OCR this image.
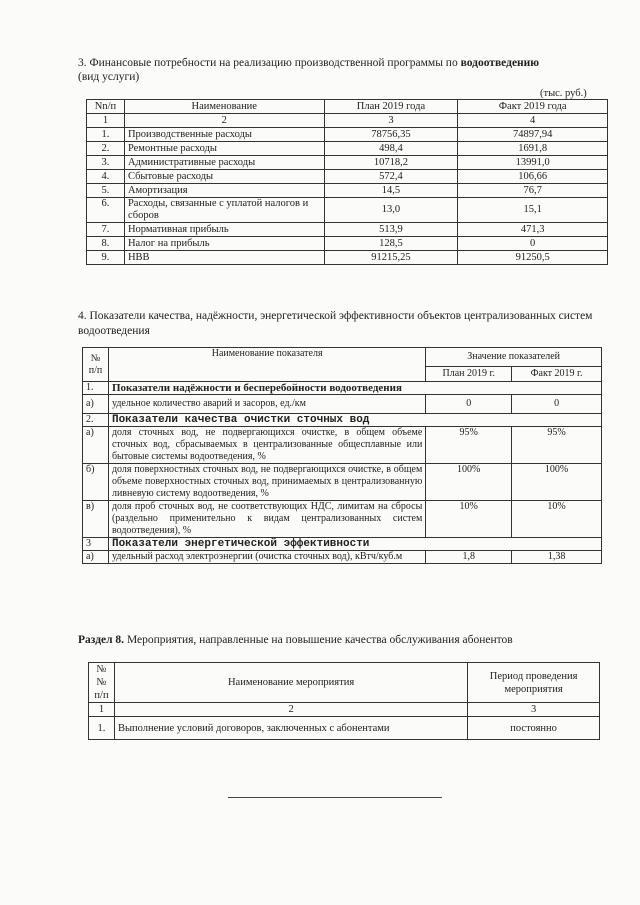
3. Финансовые потребности на реализацию производственной программы по водоотведению
(вид услуги)
(тыс. руб.)
Nn/п	Наименование	План 2019 года	Факт 2019 года
1	2	3	4
1.	Производственные расходы	78756,35	74897,94
2.	Ремонтные расходы	498,4	1691,8
3.	Административные расходы	10718,2	13991,0
4.	Сбытовые расходы	572,4	106,66
5.	Амортизация	14,5	76,7
6.	Расходы, связанные с уплатой налогов и сборов	13,0	15,1
7.	Нормативная прибыль	513,9	471,3
8.	Налог на прибыль	128,5	0
9.	НВВ	91215,25	91250,5
4. Показатели качества, надёжности, энергетической эффективности объектов централизованных систем водоотведения
№ п/п	Наименование показателя	Значение показателей	
		План 2019 г.	Факт 2019 г.
1.	Показатели надёжности и бесперебойности водоотведения		
а)	удельное количество аварий и засоров, ед./км	0	0
2.	Показатели качества очистки сточных вод		
а)	доля сточных вод, не подвергающихся очистке, в общем объеме сточных вод, сбрасываемых в централизованные общесплавные или бытовые системы водоотведения, %	95%	95%
б)	доля поверхностных сточных вод, не подвергающихся очистке, в общем объеме поверхностных сточных вод, принимаемых в централизованную ливневую систему водоотведения, %	100%	100%
в)	доля проб сточных вод, не соответствующих НДС, лимитам на сбросы (раздельно применительно к видам централизованных систем водоотведения), %	10%	10%
3	Показатели энергетической эффективности		
а)	удельный расход электроэнергии (очистка сточных вод), кВтч/куб.м	1,8	1,38
Раздел 8. Мероприятия, направленные на повышение качества обслуживания абонентов
№№ п/п	Наименование мероприятия	Период проведения мероприятия
1	2	3
1.	Выполнение условий договоров, заключенных с абонентами	постоянно
